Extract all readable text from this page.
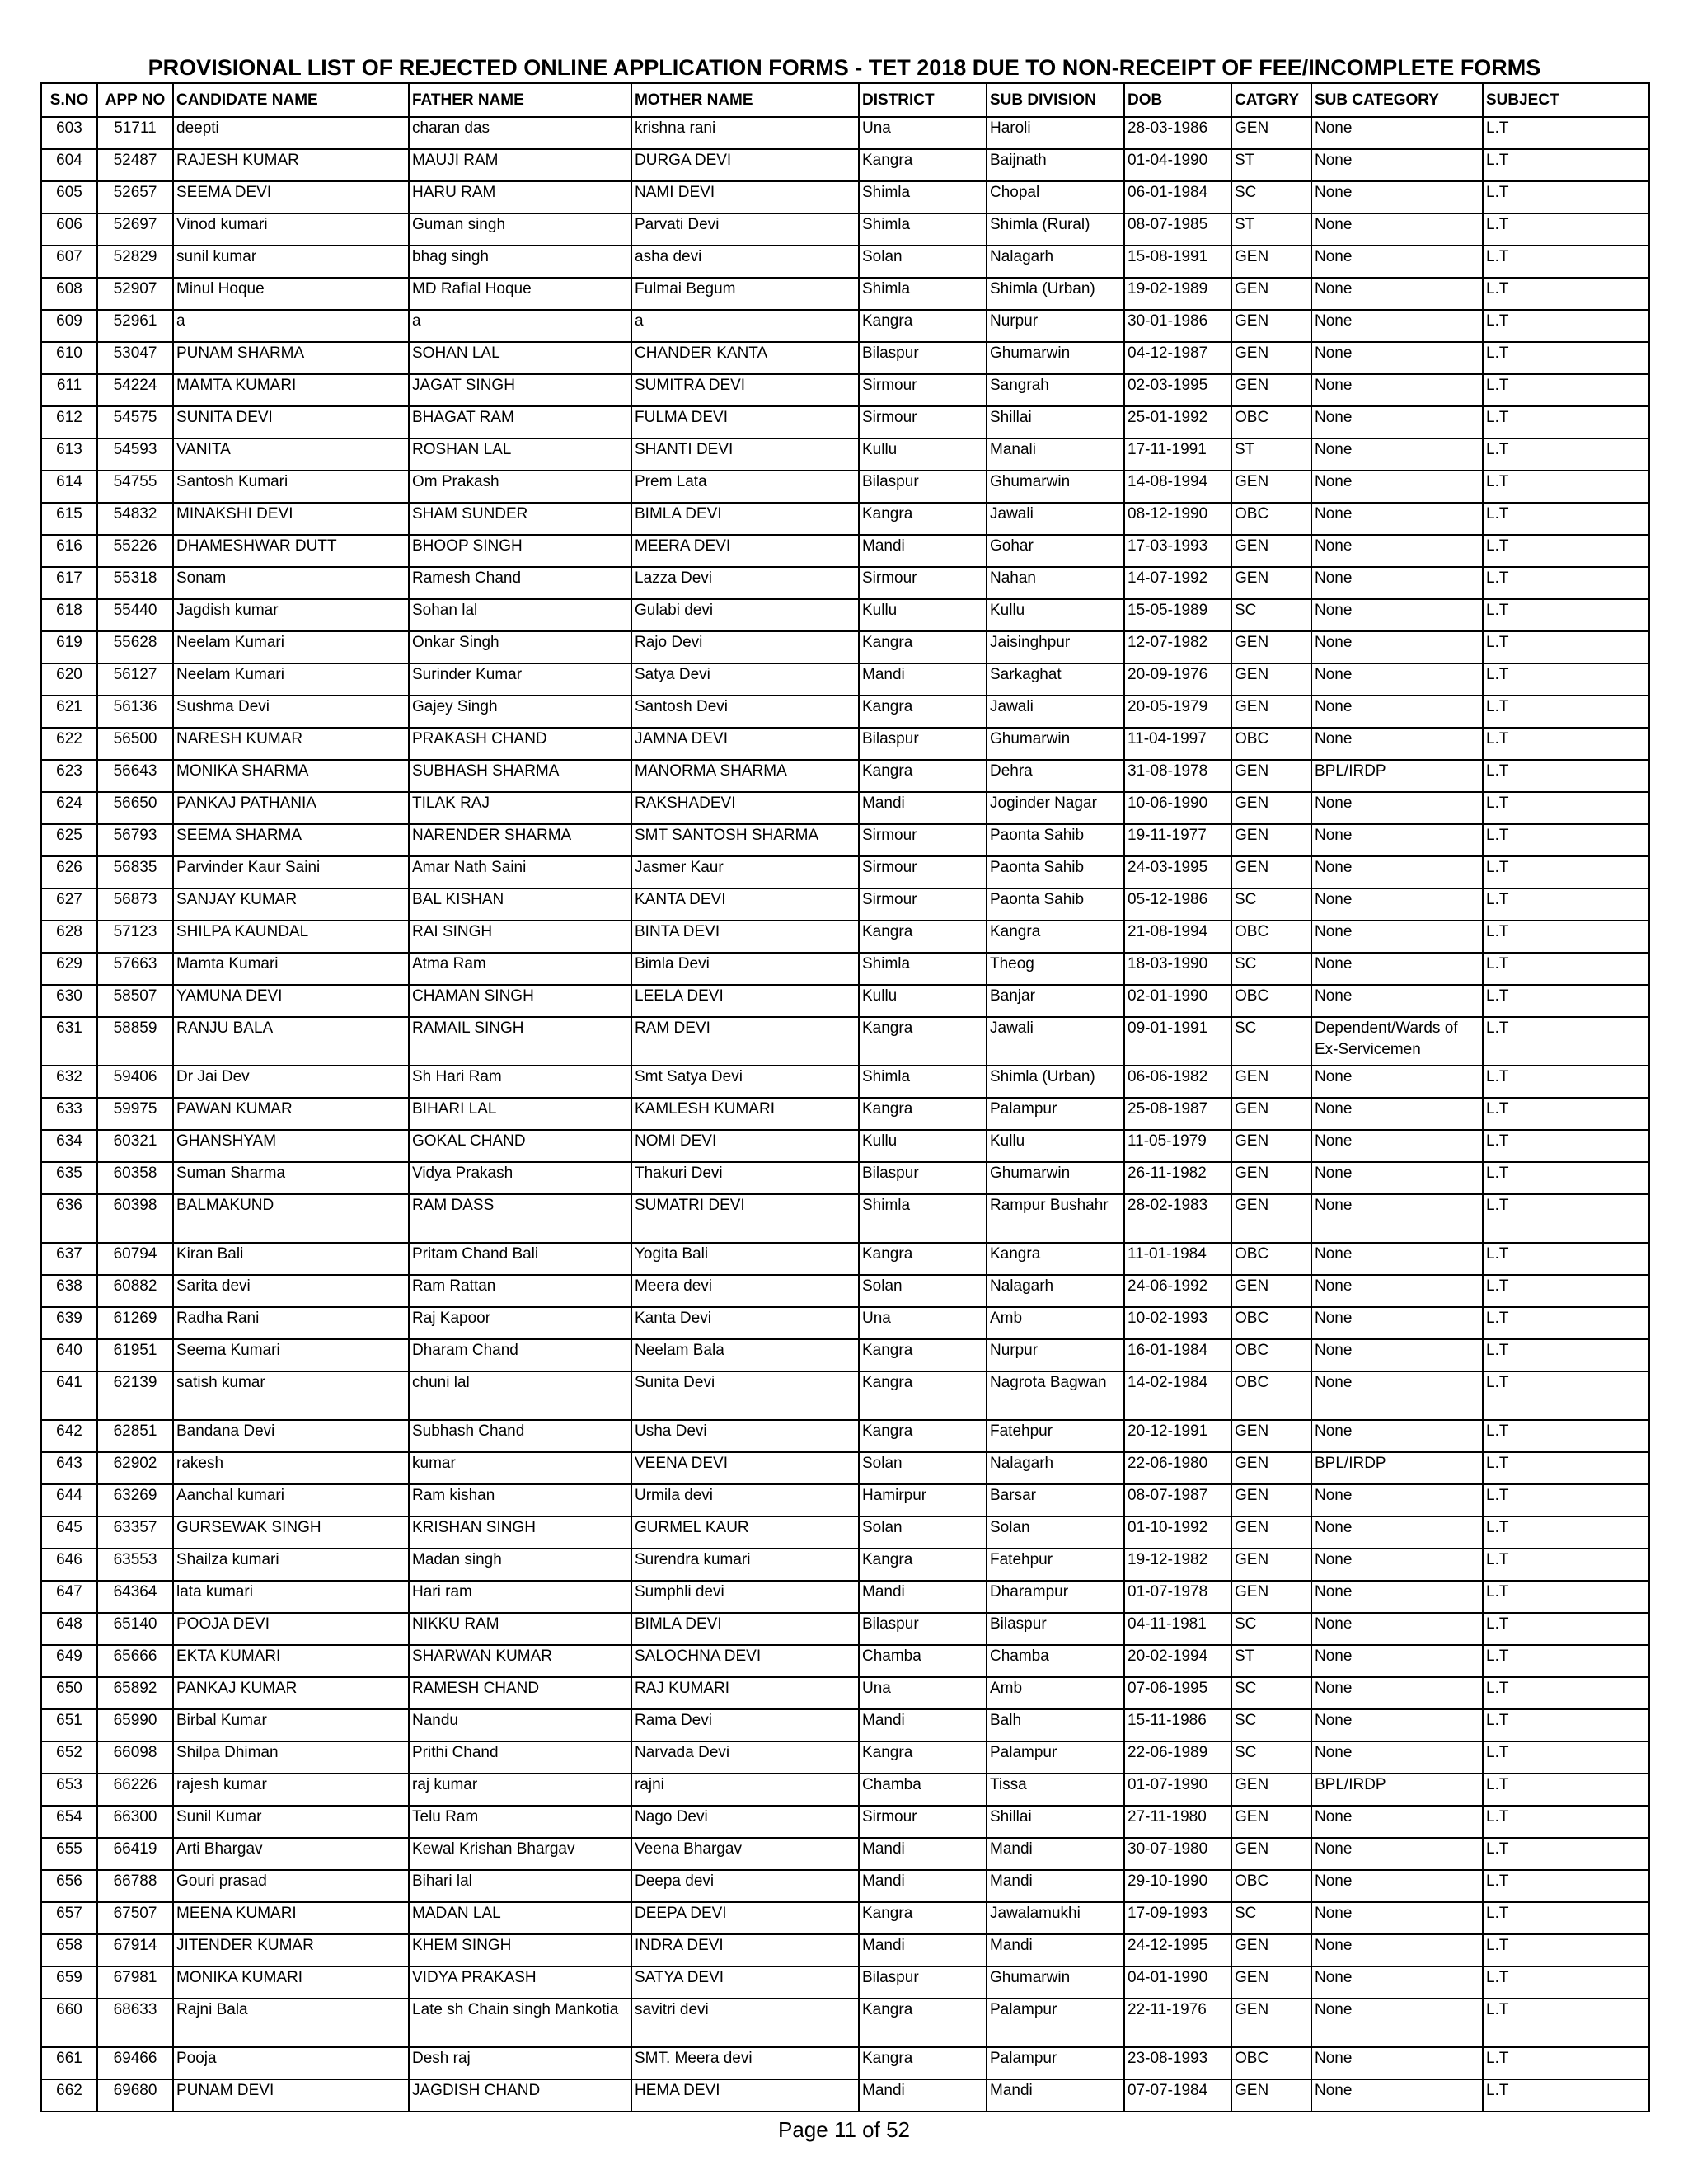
PROVISIONAL LIST OF REJECTED ONLINE APPLICATION FORMS - TET 2018 DUE TO NON-RECEIPT OF FEE/INCOMPLETE FORMS
S.NO	APP NO	CANDIDATE NAME	FATHER NAME	MOTHER NAME	DISTRICT	SUB DIVISION	DOB	CATGRY	SUB CATEGORY	SUBJECT
603	51711	deepti	charan das	krishna rani	Una	Haroli	28-03-1986	GEN	None	L.T
604	52487	RAJESH KUMAR	MAUJI RAM	DURGA DEVI	Kangra	Baijnath	01-04-1990	ST	None	L.T
605	52657	SEEMA DEVI	HARU RAM	NAMI DEVI	Shimla	Chopal	06-01-1984	SC	None	L.T
606	52697	Vinod kumari	Guman singh	Parvati Devi	Shimla	Shimla (Rural)	08-07-1985	ST	None	L.T
607	52829	sunil kumar	bhag singh	asha devi	Solan	Nalagarh	15-08-1991	GEN	None	L.T
608	52907	Minul Hoque	MD Rafial Hoque	Fulmai Begum	Shimla	Shimla (Urban)	19-02-1989	GEN	None	L.T
609	52961	a	a	a	Kangra	Nurpur	30-01-1986	GEN	None	L.T
610	53047	PUNAM SHARMA	SOHAN LAL	CHANDER KANTA	Bilaspur	Ghumarwin	04-12-1987	GEN	None	L.T
611	54224	MAMTA KUMARI	JAGAT SINGH	SUMITRA DEVI	Sirmour	Sangrah	02-03-1995	GEN	None	L.T
612	54575	SUNITA DEVI	BHAGAT RAM	FULMA DEVI	Sirmour	Shillai	25-01-1992	OBC	None	L.T
613	54593	VANITA	ROSHAN LAL	SHANTI DEVI	Kullu	Manali	17-11-1991	ST	None	L.T
614	54755	Santosh Kumari	Om Prakash	Prem Lata	Bilaspur	Ghumarwin	14-08-1994	GEN	None	L.T
615	54832	MINAKSHI DEVI	SHAM SUNDER	BIMLA DEVI	Kangra	Jawali	08-12-1990	OBC	None	L.T
616	55226	DHAMESHWAR DUTT	BHOOP SINGH	MEERA DEVI	Mandi	Gohar	17-03-1993	GEN	None	L.T
617	55318	Sonam	Ramesh Chand	Lazza Devi	Sirmour	Nahan	14-07-1992	GEN	None	L.T
618	55440	Jagdish kumar	Sohan lal	Gulabi devi	Kullu	Kullu	15-05-1989	SC	None	L.T
619	55628	Neelam Kumari	Onkar Singh	Rajo Devi	Kangra	Jaisinghpur	12-07-1982	GEN	None	L.T
620	56127	Neelam Kumari	Surinder Kumar	Satya Devi	Mandi	Sarkaghat	20-09-1976	GEN	None	L.T
621	56136	Sushma Devi	Gajey Singh	Santosh Devi	Kangra	Jawali	20-05-1979	GEN	None	L.T
622	56500	NARESH KUMAR	PRAKASH CHAND	JAMNA DEVI	Bilaspur	Ghumarwin	11-04-1997	OBC	None	L.T
623	56643	MONIKA SHARMA	SUBHASH SHARMA	MANORMA SHARMA	Kangra	Dehra	31-08-1978	GEN	BPL/IRDP	L.T
624	56650	PANKAJ PATHANIA	TILAK RAJ	RAKSHADEVI	Mandi	Joginder Nagar	10-06-1990	GEN	None	L.T
625	56793	SEEMA SHARMA	NARENDER SHARMA	SMT SANTOSH SHARMA	Sirmour	Paonta Sahib	19-11-1977	GEN	None	L.T
626	56835	Parvinder Kaur Saini	Amar Nath Saini	Jasmer Kaur	Sirmour	Paonta Sahib	24-03-1995	GEN	None	L.T
627	56873	SANJAY KUMAR	BAL KISHAN	KANTA DEVI	Sirmour	Paonta Sahib	05-12-1986	SC	None	L.T
628	57123	SHILPA KAUNDAL	RAI SINGH	BINTA DEVI	Kangra	Kangra	21-08-1994	OBC	None	L.T
629	57663	Mamta Kumari	Atma Ram	Bimla Devi	Shimla	Theog	18-03-1990	SC	None	L.T
630	58507	YAMUNA DEVI	CHAMAN SINGH	LEELA DEVI	Kullu	Banjar	02-01-1990	OBC	None	L.T
631	58859	RANJU BALA	RAMAIL SINGH	RAM DEVI	Kangra	Jawali	09-01-1991	SC	Dependent/Wards of Ex-Servicemen	L.T
632	59406	Dr Jai Dev	Sh Hari Ram	Smt Satya Devi	Shimla	Shimla (Urban)	06-06-1982	GEN	None	L.T
633	59975	PAWAN KUMAR	BIHARI LAL	KAMLESH KUMARI	Kangra	Palampur	25-08-1987	GEN	None	L.T
634	60321	GHANSHYAM	GOKAL CHAND	NOMI DEVI	Kullu	Kullu	11-05-1979	GEN	None	L.T
635	60358	Suman Sharma	Vidya Prakash	Thakuri Devi	Bilaspur	Ghumarwin	26-11-1982	GEN	None	L.T
636	60398	BALMAKUND	RAM DASS	SUMATRI DEVI	Shimla	Rampur Bushahr	28-02-1983	GEN	None	L.T
637	60794	Kiran Bali	Pritam Chand Bali	Yogita Bali	Kangra	Kangra	11-01-1984	OBC	None	L.T
638	60882	Sarita devi	Ram Rattan	Meera devi	Solan	Nalagarh	24-06-1992	GEN	None	L.T
639	61269	Radha Rani	Raj Kapoor	Kanta Devi	Una	Amb	10-02-1993	OBC	None	L.T
640	61951	Seema Kumari	Dharam Chand	Neelam Bala	Kangra	Nurpur	16-01-1984	OBC	None	L.T
641	62139	satish kumar	chuni lal	Sunita Devi	Kangra	Nagrota Bagwan	14-02-1984	OBC	None	L.T
642	62851	Bandana Devi	Subhash Chand	Usha Devi	Kangra	Fatehpur	20-12-1991	GEN	None	L.T
643	62902	rakesh	kumar	VEENA DEVI	Solan	Nalagarh	22-06-1980	GEN	BPL/IRDP	L.T
644	63269	Aanchal kumari	Ram kishan	Urmila devi	Hamirpur	Barsar	08-07-1987	GEN	None	L.T
645	63357	GURSEWAK SINGH	KRISHAN SINGH	GURMEL KAUR	Solan	Solan	01-10-1992	GEN	None	L.T
646	63553	Shailza kumari	Madan singh	Surendra kumari	Kangra	Fatehpur	19-12-1982	GEN	None	L.T
647	64364	lata kumari	Hari ram	Sumphli devi	Mandi	Dharampur	01-07-1978	GEN	None	L.T
648	65140	POOJA DEVI	NIKKU RAM	BIMLA DEVI	Bilaspur	Bilaspur	04-11-1981	SC	None	L.T
649	65666	EKTA KUMARI	SHARWAN KUMAR	SALOCHNA DEVI	Chamba	Chamba	20-02-1994	ST	None	L.T
650	65892	PANKAJ KUMAR	RAMESH CHAND	RAJ KUMARI	Una	Amb	07-06-1995	SC	None	L.T
651	65990	Birbal Kumar	Nandu	Rama Devi	Mandi	Balh	15-11-1986	SC	None	L.T
652	66098	Shilpa Dhiman	Prithi Chand	Narvada Devi	Kangra	Palampur	22-06-1989	SC	None	L.T
653	66226	rajesh kumar	raj kumar	rajni	Chamba	Tissa	01-07-1990	GEN	BPL/IRDP	L.T
654	66300	Sunil Kumar	Telu Ram	Nago Devi	Sirmour	Shillai	27-11-1980	GEN	None	L.T
655	66419	Arti Bhargav	Kewal Krishan Bhargav	Veena Bhargav	Mandi	Mandi	30-07-1980	GEN	None	L.T
656	66788	Gouri prasad	Bihari lal	Deepa devi	Mandi	Mandi	29-10-1990	OBC	None	L.T
657	67507	MEENA KUMARI	MADAN LAL	DEEPA DEVI	Kangra	Jawalamukhi	17-09-1993	SC	None	L.T
658	67914	JITENDER KUMAR	KHEM SINGH	INDRA DEVI	Mandi	Mandi	24-12-1995	GEN	None	L.T
659	67981	MONIKA KUMARI	VIDYA PRAKASH	SATYA DEVI	Bilaspur	Ghumarwin	04-01-1990	GEN	None	L.T
660	68633	Rajni Bala	Late sh Chain singh Mankotia	savitri devi	Kangra	Palampur	22-11-1976	GEN	None	L.T
661	69466	Pooja	Desh raj	SMT. Meera devi	Kangra	Palampur	23-08-1993	OBC	None	L.T
662	69680	PUNAM DEVI	JAGDISH CHAND	HEMA DEVI	Mandi	Mandi	07-07-1984	GEN	None	L.T
Page 11 of 52
